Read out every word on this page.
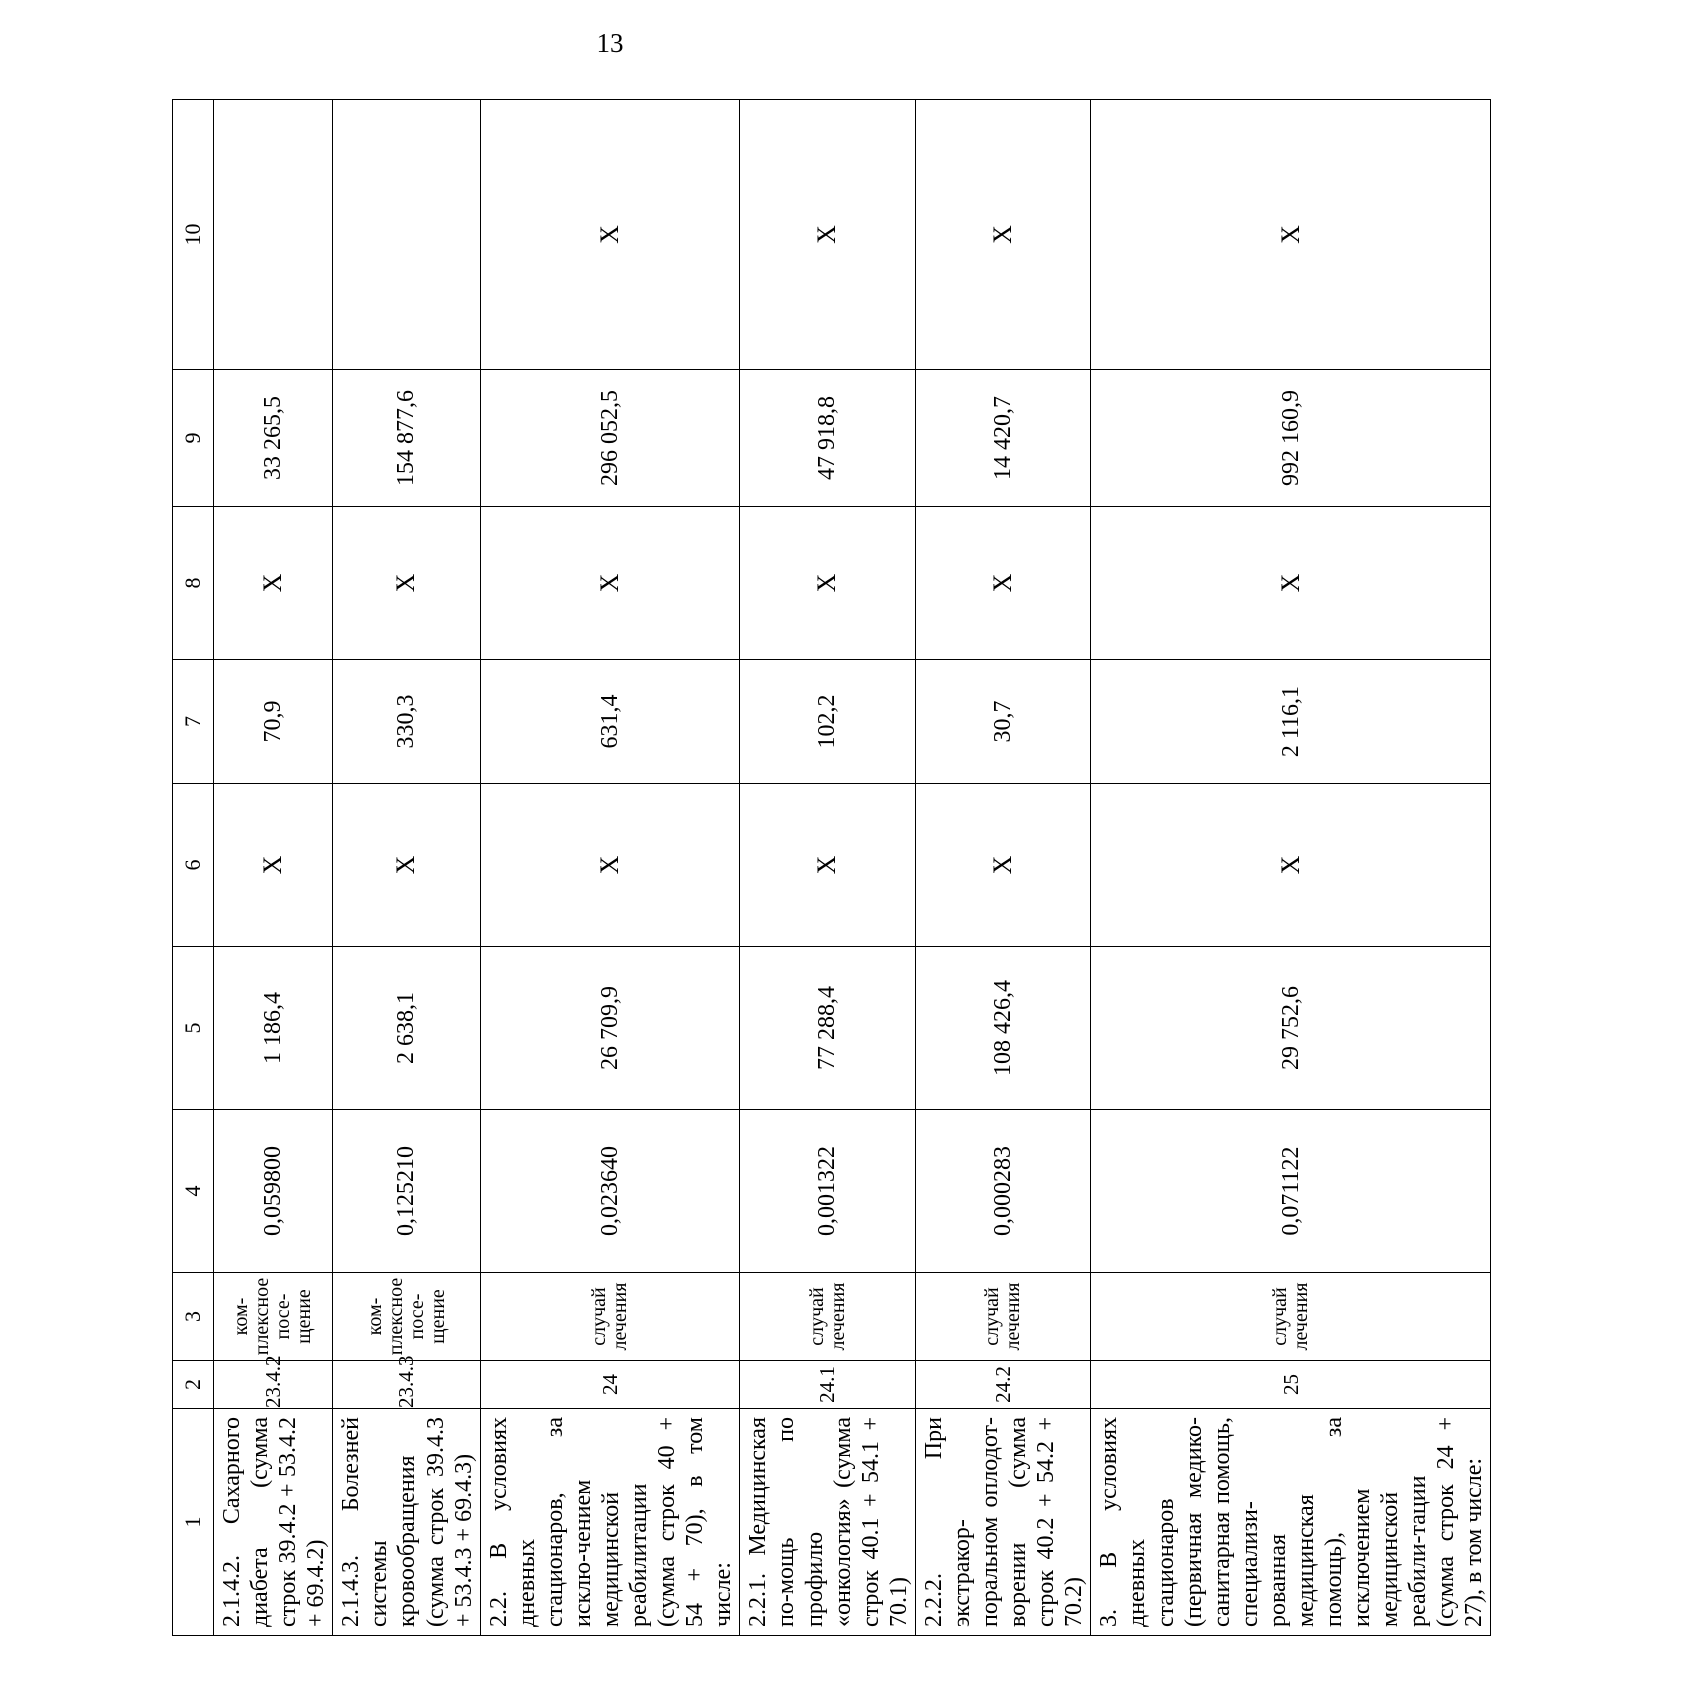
13
1	2	3	4	5	6	7	8	9	10
2.1.4.2. Сахарного диабета (сумма строк 39.4.2 + 53.4.2 + 69.4.2)	23.4.2	ком-плексное посе-щение	0,059800	1 186,4	X	70,9	X	33 265,5	
2.1.4.3. Болезней системы кровообращения (сумма строк 39.4.3 + 53.4.3 + 69.4.3)	23.4.3	ком-плексное посе-щение	0,125210	2 638,1	X	330,3	X	154 877,6	
2.2. В условиях дневных стационаров, за исклю-чением медицинской реабилитации (сумма строк 40 + 54 + 70), в том числе:	24	случай лечения	0,023640	26 709,9	X	631,4	X	296 052,5	X
2.2.1. Медицинская по-мощь по профилю «онкология» (сумма строк 40.1 + 54.1 + 70.1)	24.1	случай лечения	0,001322	77 288,4	X	102,2	X	47 918,8	X
2.2.2. При экстракор-поральном оплодот-ворении (сумма строк 40.2 + 54.2 + 70.2)	24.2	случай лечения	0,000283	108 426,4	X	30,7	X	14 420,7	X
3. В условиях дневных стационаров (первичная медико-санитарная помощь, специализи-рованная медицинская помощь), за исключением медицинской реабили-тации (сумма строк 24 + 27), в том числе:	25	случай лечения	0,071122	29 752,6	X	2 116,1	X	992 160,9	X
